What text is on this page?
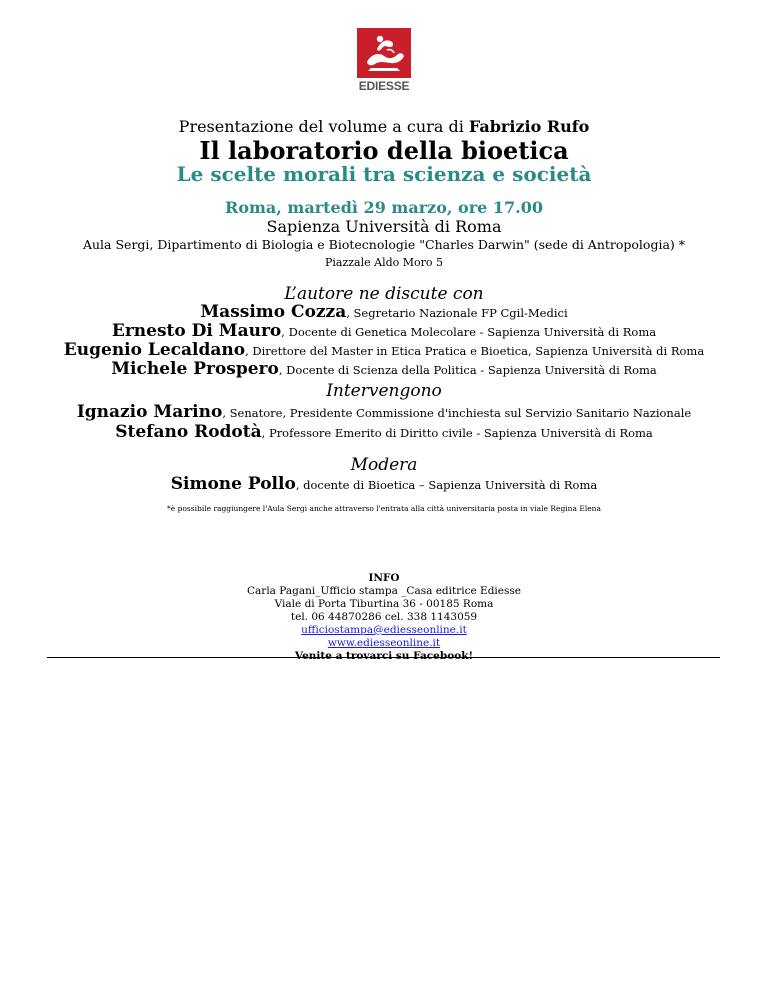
EDIESSE
Presentazione del volume a cura di Fabrizio Rufo
Il laboratorio della bioetica
Le scelte morali tra scienza e società
Roma, martedì 29 marzo, ore 17.00
Sapienza Università di Roma
Aula Sergi, Dipartimento di Biologia e Biotecnologie "Charles Darwin" (sede di Antropologia) *
Piazzale Aldo Moro 5
L’autore ne discute con
Massimo Cozza, Segretario Nazionale FP Cgil-Medici
Ernesto Di Mauro, Docente di Genetica Molecolare - Sapienza Università di Roma
Eugenio Lecaldano, Direttore del Master in Etica Pratica e Bioetica, Sapienza Università di Roma
Michele Prospero, Docente di Scienza della Politica - Sapienza Università di Roma
Intervengono
Ignazio Marino, Senatore, Presidente Commissione d'inchiesta sul Servizio Sanitario Nazionale
Stefano Rodotà, Professore Emerito di Diritto civile - Sapienza Università di Roma
Modera
Simone Pollo, docente di Bioetica – Sapienza Università di Roma
*è possibile raggiungere l'Aula Sergi anche attraverso l'entrata alla città universitaria posta in viale Regina Elena
INFO
Carla Pagani_Ufficio stampa _Casa editrice Ediesse
Viale di Porta Tiburtina 36 - 00185 Roma
tel. 06 44870286 cel. 338 1143059
ufficiostampa@ediesseonline.it
www.ediesseonline.it
Venite a trovarci su Facebook!
